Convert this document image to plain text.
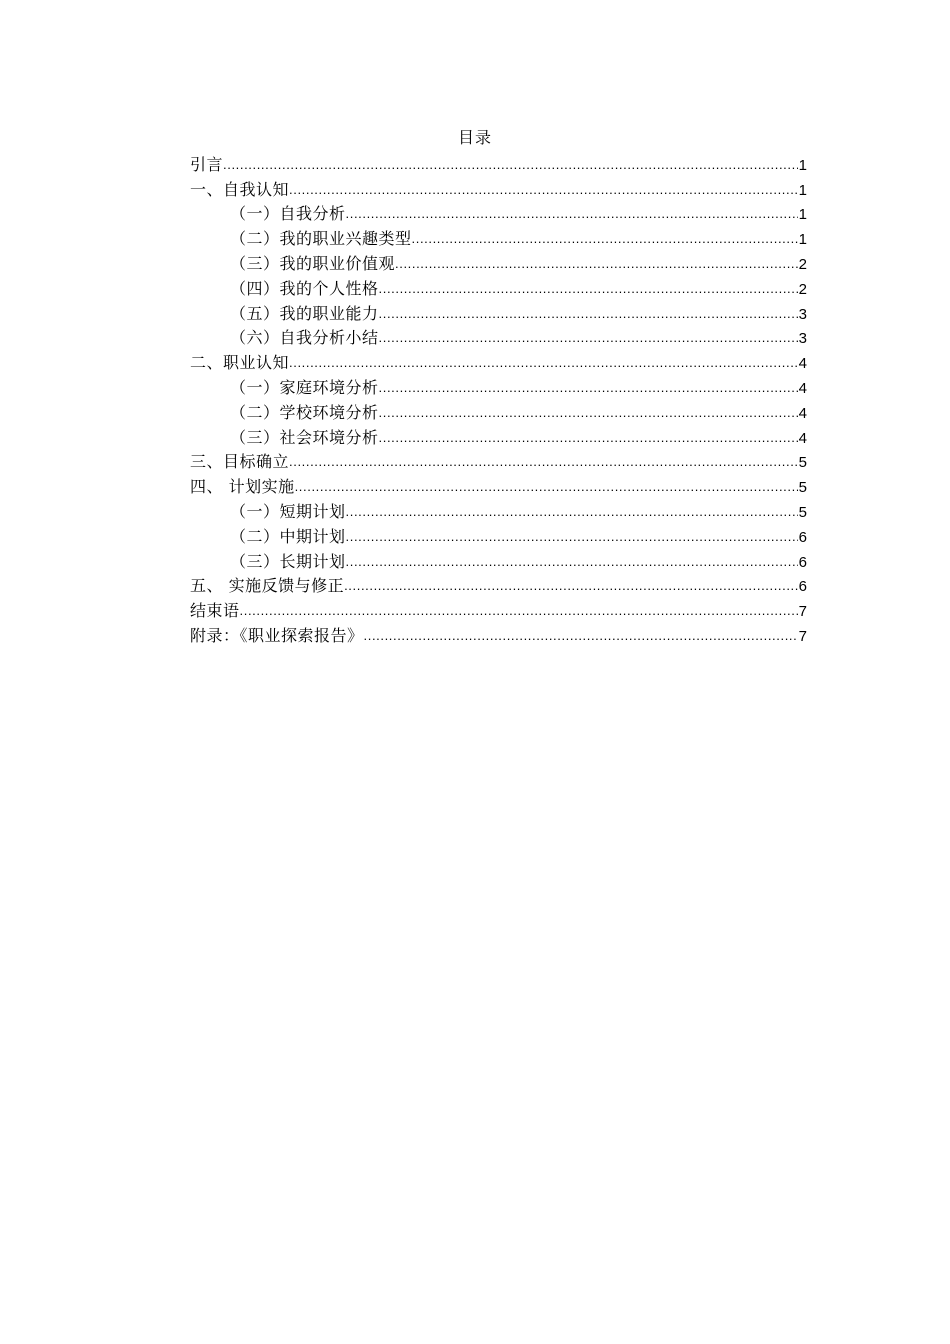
目录
引言 .....	1
一、自我认知 .....	1
（一）自我分析 .....	1
（二）我的职业兴趣类型 .....	1
（三）我的职业价值观 .....	2
（四）我的个人性格 .....	2
（五）我的职业能力 .....	3
（六）自我分析小结 .....	3
二、职业认知 .....	4
（一）家庭环境分析 .....	4
（二）学校环境分析 .....	4
（三）社会环境分析 .....	4
三、目标确立 .....	5
四、 计划实施 .....	5
（一）短期计划 .....	5
（二）中期计划 .....	6
（三）长期计划 .....	6
五、 实施反馈与修正 .....	6
结束语 .....	7
附录：《职业探索报告》 .....	7
